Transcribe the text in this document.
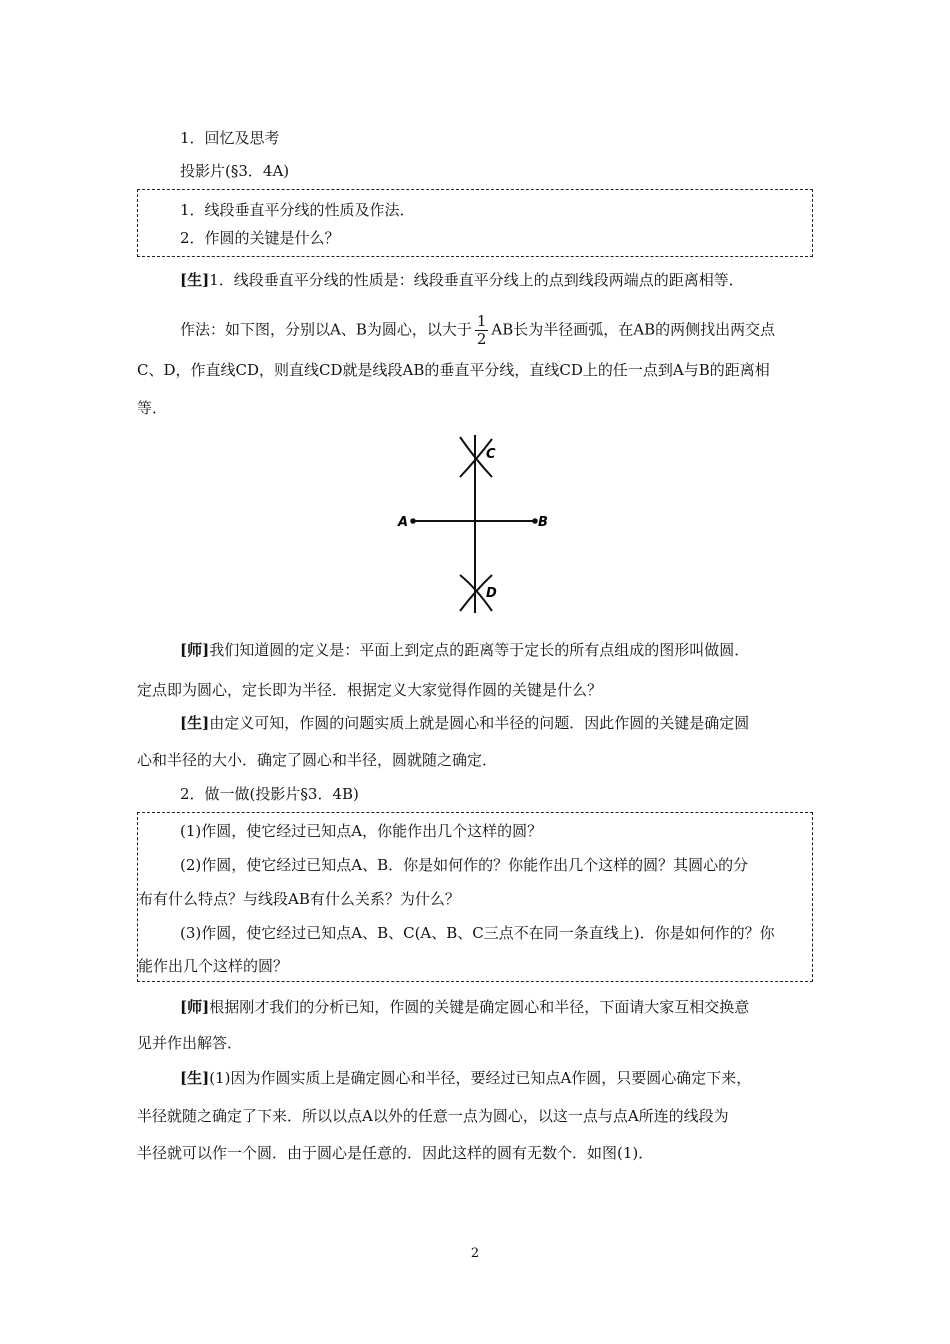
1．回忆及思考
投影片(§3．4A)
1．线段垂直平分线的性质及作法．
2．作圆的关键是什么？
[生]1．线段垂直平分线的性质是：线段垂直平分线上的点到线段两端点的距离相等．
作法：如下图，分别以A、B为圆心，以大于 $\frac{1}{2}$ AB长为半径画弧，在AB的两侧找出两交点
C、D，作直线CD，则直线CD就是线段AB的垂直平分线，直线CD上的任一点到A与B的距离相
等．
A	B
C
D
[师]我们知道圆的定义是：平面上到定点的距离等于定长的所有点组成的图形叫做圆．
定点即为圆心，定长即为半径．根据定义大家觉得作圆的关键是什么？
[生]由定义可知，作圆的问题实质上就是圆心和半径的问题．因此作圆的关键是确定圆
心和半径的大小．确定了圆心和半径，圆就随之确定．
2．做一做(投影片§3．4B)
(1)作圆，使它经过已知点A，你能作出几个这样的圆？
(2)作圆，使它经过已知点A、B．你是如何作的？你能作出几个这样的圆？其圆心的分
布有什么特点？与线段AB有什么关系？为什么？
(3)作圆，使它经过已知点A、B、C(A、B、C三点不在同一条直线上)．你是如何作的？你
能作出几个这样的圆？
[师]根据刚才我们的分析已知，作圆的关键是确定圆心和半径，下面请大家互相交换意
见并作出解答．
[生](1)因为作圆实质上是确定圆心和半径，要经过已知点A作圆，只要圆心确定下来，
半径就随之确定了下来．所以以点A以外的任意一点为圆心，以这一点与点A所连的线段为
半径就可以作一个圆．由于圆心是任意的．因此这样的圆有无数个．如图(1)．
2
